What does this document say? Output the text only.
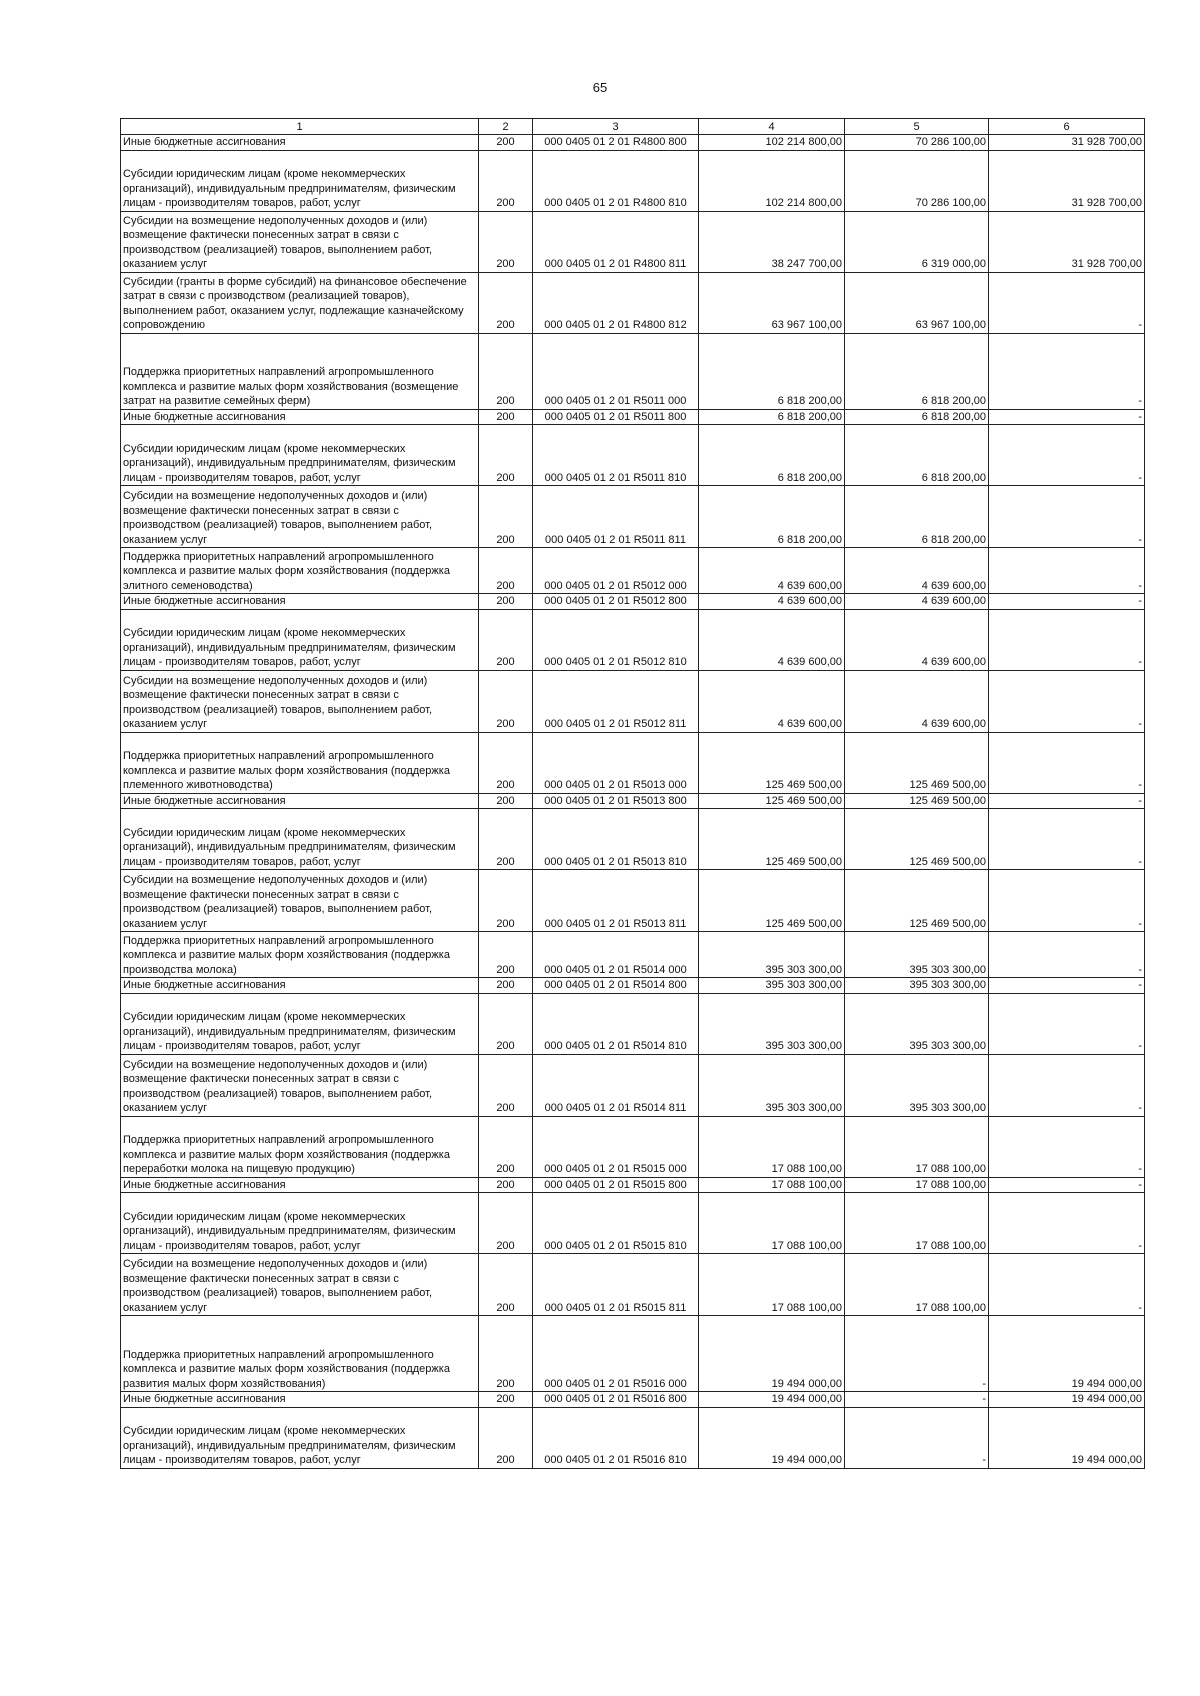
65
1	2	3	4	5	6
Иные бюджетные ассигнования	200	000 0405 01 2 01 R4800 800	102 214 800,00	70 286 100,00	31 928 700,00
Субсидии юридическим лицам (кроме некоммерческих организаций), индивидуальным предпринимателям, физическим лицам - производителям товаров, работ, услуг	200	000 0405 01 2 01 R4800 810	102 214 800,00	70 286 100,00	31 928 700,00
Субсидии на возмещение недополученных доходов и (или) возмещение фактически понесенных затрат в связи с производством (реализацией) товаров, выполнением работ, оказанием услуг	200	000 0405 01 2 01 R4800 811	38 247 700,00	6 319 000,00	31 928 700,00
Субсидии (гранты в форме субсидий) на финансовое обеспечение затрат в связи с производством (реализацией товаров), выполнением работ, оказанием услуг, подлежащие казначейскому сопровождению	200	000 0405 01 2 01 R4800 812	63 967 100,00	63 967 100,00	-
Поддержка приоритетных направлений агропромышленного комплекса и развитие малых форм хозяйствования (возмещение затрат на развитие семейных ферм)	200	000 0405 01 2 01 R5011 000	6 818 200,00	6 818 200,00	-
Иные бюджетные ассигнования	200	000 0405 01 2 01 R5011 800	6 818 200,00	6 818 200,00	-
Субсидии юридическим лицам (кроме некоммерческих организаций), индивидуальным предпринимателям, физическим лицам - производителям товаров, работ, услуг	200	000 0405 01 2 01 R5011 810	6 818 200,00	6 818 200,00	-
Субсидии на возмещение недополученных доходов и (или) возмещение фактически понесенных затрат в связи с производством (реализацией) товаров, выполнением работ, оказанием услуг	200	000 0405 01 2 01 R5011 811	6 818 200,00	6 818 200,00	-
Поддержка приоритетных направлений агропромышленного комплекса и развитие малых форм хозяйствования (поддержка элитного семеноводства)	200	000 0405 01 2 01 R5012 000	4 639 600,00	4 639 600,00	-
Иные бюджетные ассигнования	200	000 0405 01 2 01 R5012 800	4 639 600,00	4 639 600,00	-
Субсидии юридическим лицам (кроме некоммерческих организаций), индивидуальным предпринимателям, физическим лицам - производителям товаров, работ, услуг	200	000 0405 01 2 01 R5012 810	4 639 600,00	4 639 600,00	-
Субсидии на возмещение недополученных доходов и (или) возмещение фактически понесенных затрат в связи с производством (реализацией) товаров, выполнением работ, оказанием услуг	200	000 0405 01 2 01 R5012 811	4 639 600,00	4 639 600,00	-
Поддержка приоритетных направлений агропромышленного комплекса и развитие малых форм хозяйствования (поддержка племенного животноводства)	200	000 0405 01 2 01 R5013 000	125 469 500,00	125 469 500,00	-
Иные бюджетные ассигнования	200	000 0405 01 2 01 R5013 800	125 469 500,00	125 469 500,00	-
Субсидии юридическим лицам (кроме некоммерческих организаций), индивидуальным предпринимателям, физическим лицам - производителям товаров, работ, услуг	200	000 0405 01 2 01 R5013 810	125 469 500,00	125 469 500,00	-
Субсидии на возмещение недополученных доходов и (или) возмещение фактически понесенных затрат в связи с производством (реализацией) товаров, выполнением работ, оказанием услуг	200	000 0405 01 2 01 R5013 811	125 469 500,00	125 469 500,00	-
Поддержка приоритетных направлений агропромышленного комплекса и развитие малых форм хозяйствования (поддержка производства молока)	200	000 0405 01 2 01 R5014 000	395 303 300,00	395 303 300,00	-
Иные бюджетные ассигнования	200	000 0405 01 2 01 R5014 800	395 303 300,00	395 303 300,00	-
Субсидии юридическим лицам (кроме некоммерческих организаций), индивидуальным предпринимателям, физическим лицам - производителям товаров, работ, услуг	200	000 0405 01 2 01 R5014 810	395 303 300,00	395 303 300,00	-
Субсидии на возмещение недополученных доходов и (или) возмещение фактически понесенных затрат в связи с производством (реализацией) товаров, выполнением работ, оказанием услуг	200	000 0405 01 2 01 R5014 811	395 303 300,00	395 303 300,00	-
Поддержка приоритетных направлений агропромышленного комплекса и развитие малых форм хозяйствования (поддержка переработки молока на пищевую продукцию)	200	000 0405 01 2 01 R5015 000	17 088 100,00	17 088 100,00	-
Иные бюджетные ассигнования	200	000 0405 01 2 01 R5015 800	17 088 100,00	17 088 100,00	-
Субсидии юридическим лицам (кроме некоммерческих организаций), индивидуальным предпринимателям, физическим лицам - производителям товаров, работ, услуг	200	000 0405 01 2 01 R5015 810	17 088 100,00	17 088 100,00	-
Субсидии на возмещение недополученных доходов и (или) возмещение фактически понесенных затрат в связи с производством (реализацией) товаров, выполнением работ, оказанием услуг	200	000 0405 01 2 01 R5015 811	17 088 100,00	17 088 100,00	-
Поддержка приоритетных направлений агропромышленного комплекса и развитие малых форм хозяйствования (поддержка развития малых форм хозяйствования)	200	000 0405 01 2 01 R5016 000	19 494 000,00	-	19 494 000,00
Иные бюджетные ассигнования	200	000 0405 01 2 01 R5016 800	19 494 000,00	-	19 494 000,00
Субсидии юридическим лицам (кроме некоммерческих организаций), индивидуальным предпринимателям, физическим лицам - производителям товаров, работ, услуг	200	000 0405 01 2 01 R5016 810	19 494 000,00	-	19 494 000,00
